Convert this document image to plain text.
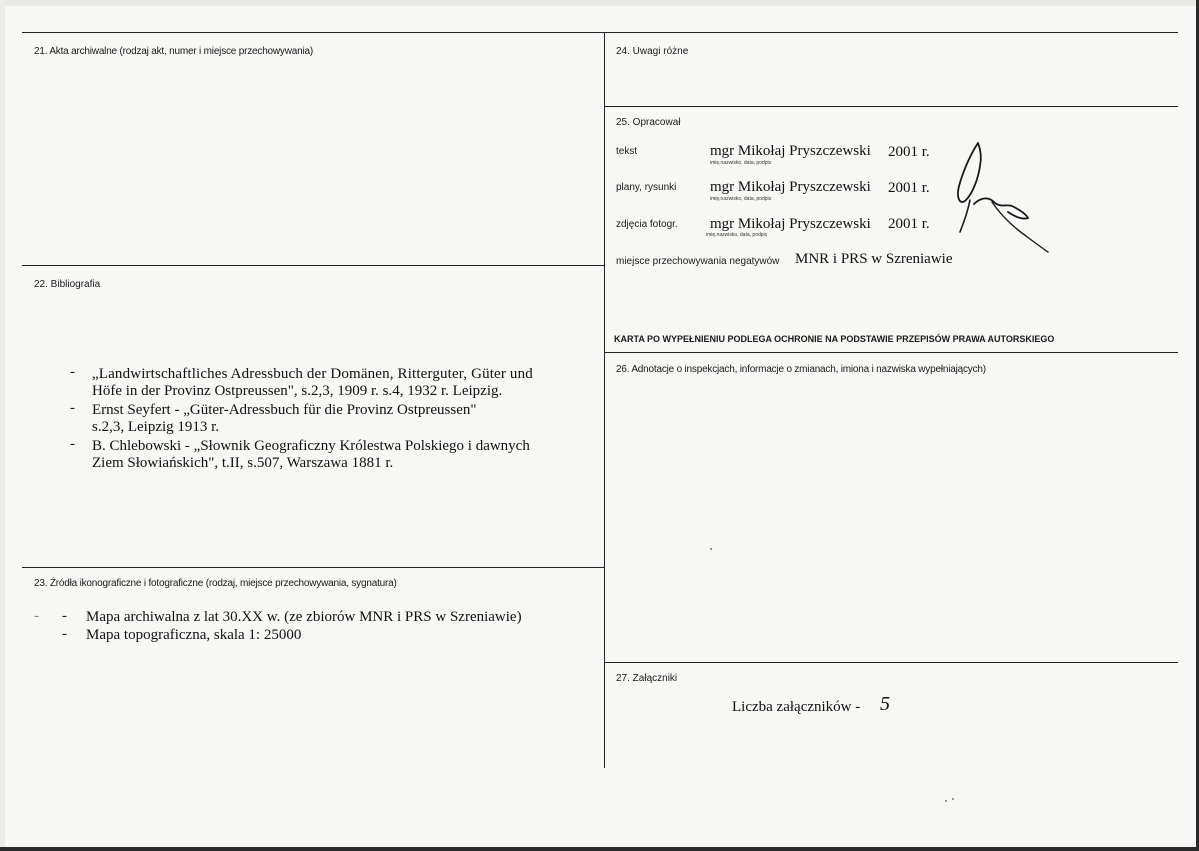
21. Akta archiwalne (rodzaj akt, numer i miejsce przechowywania)
22. Bibliografia
- „Landwirtschaftliches Adressbuch der Domänen, Ritterguter, Güter und
Höfe in der Provinz Ostpreussen", s.2,3, 1909 r. s.4, 1932 r. Leipzig.
- Ernst Seyfert - „Güter-Adressbuch für die Provinz Ostpreussen"
s.2,3, Leipzig 1913 r.
- B. Chlebowski - „Słownik Geograficzny Królestwa Polskiego i dawnych
Ziem Słowiańskich", t.II, s.507, Warszawa 1881 r.
23. Źródła ikonograficzne i fotograficzne (rodzaj, miejsce przechowywania, sygnatura)
- - Mapa archiwalna z lat 30.XX w. (ze zbiorów MNR i PRS w Szreniawie)
- Mapa topograficzna, skala 1: 25000
24. Uwagi różne
25. Opracował
tekst	mgr Mikołaj Pryszczewski 2001 r.
imię,nazwisko, data, podpis
plany, rysunki mgr Mikołaj Pryszczewski 2001 r.
imię,nazwisko, data, podpis
zdjęcia fotogr. mgr Mikołaj Pryszczewski 2001 r.
imię,nazwisko, data, podpis
miejsce przechowywania negatywów MNR i PRS w Szreniawie
KARTA PO WYPEŁNIENIU PODLEGA OCHRONIE NA PODSTAWIE PRZEPISÓW PRAWA AUTORSKIEGO
26. Adnotacje o inspekcjach, informacje o zmianach, imiona i nazwiska wypełniających)
27. Załączniki
Liczba załączników - 5
